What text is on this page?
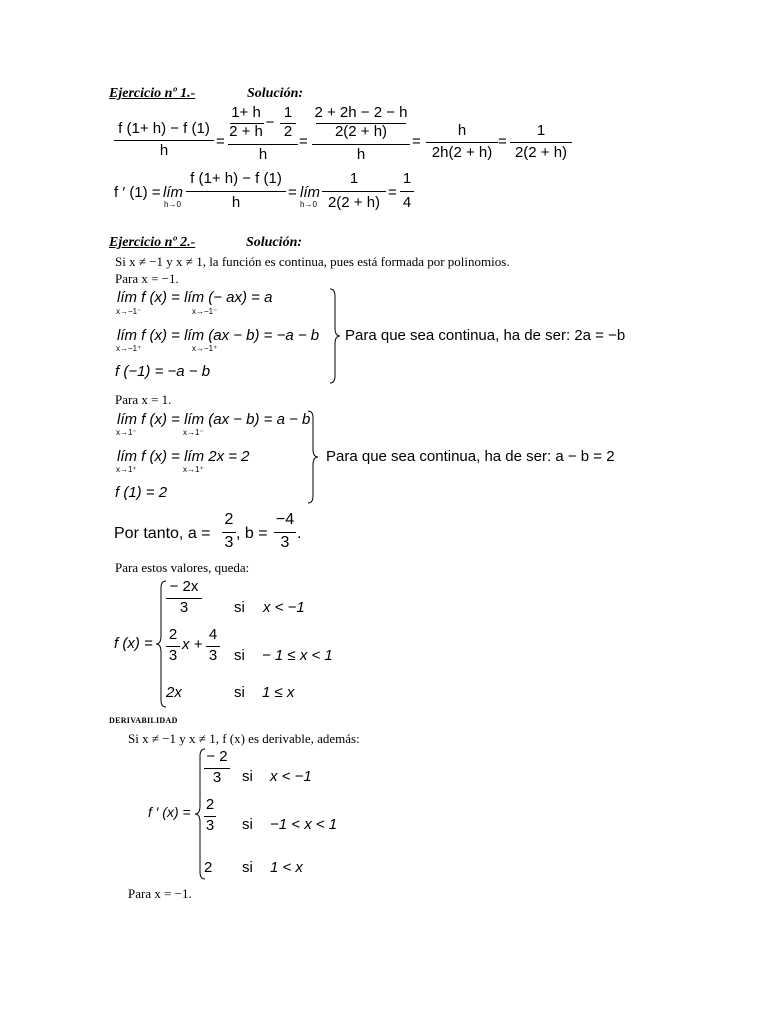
Ejercicio nº 1.-	Solución:
f (1+ h) − f (1)
h
=
1+ h
2 + h
−
1
2
h
=
2 + 2h − 2 − h
2(2 + h)
h
=
h
2h(2 + h)
=
1
2(2 + h)
f ′ (1) = lím
h→0
f (1+ h) − f (1)
h
= lím
h→0
1
2(2 + h)
=
1
4
Ejercicio nº 2.-	Solución:
Si x ≠ −1 y x ≠ 1, la función es continua, pues está formada por polinomios.
Para x = −1.
lím f (x) = lím (− ax) = a
x→−1⁻	x→−1⁻
lím f (x) = lím (ax − b) = −a − b
x→−1⁺	x→−1⁺
f (−1) = −a − b
Para que sea continua, ha de ser: 2a = −b
Para x = 1.
lím f (x) = lím (ax − b) = a − b
x→1⁻	x→1⁻
lím f (x) = lím 2x = 2
x→1⁺	x→1⁺
f (1) = 2
Para que sea continua, ha de ser: a − b = 2
Por tanto, a =
2
3
, b =
−4
3
.
Para estos valores, queda:
f (x) =
− 2x
3	si x < −1
2
3
x +
4
3 si − 1 ≤ x < 1
2x	si 1 ≤ x
DERIVABILIDAD
Si x ≠ −1 y x ≠ 1, f (x) es derivable, además:
f ′ (x) =
− 2
3	si x < −1
2
3 si −1 < x < 1
2 si 1 < x
Para x = −1.
